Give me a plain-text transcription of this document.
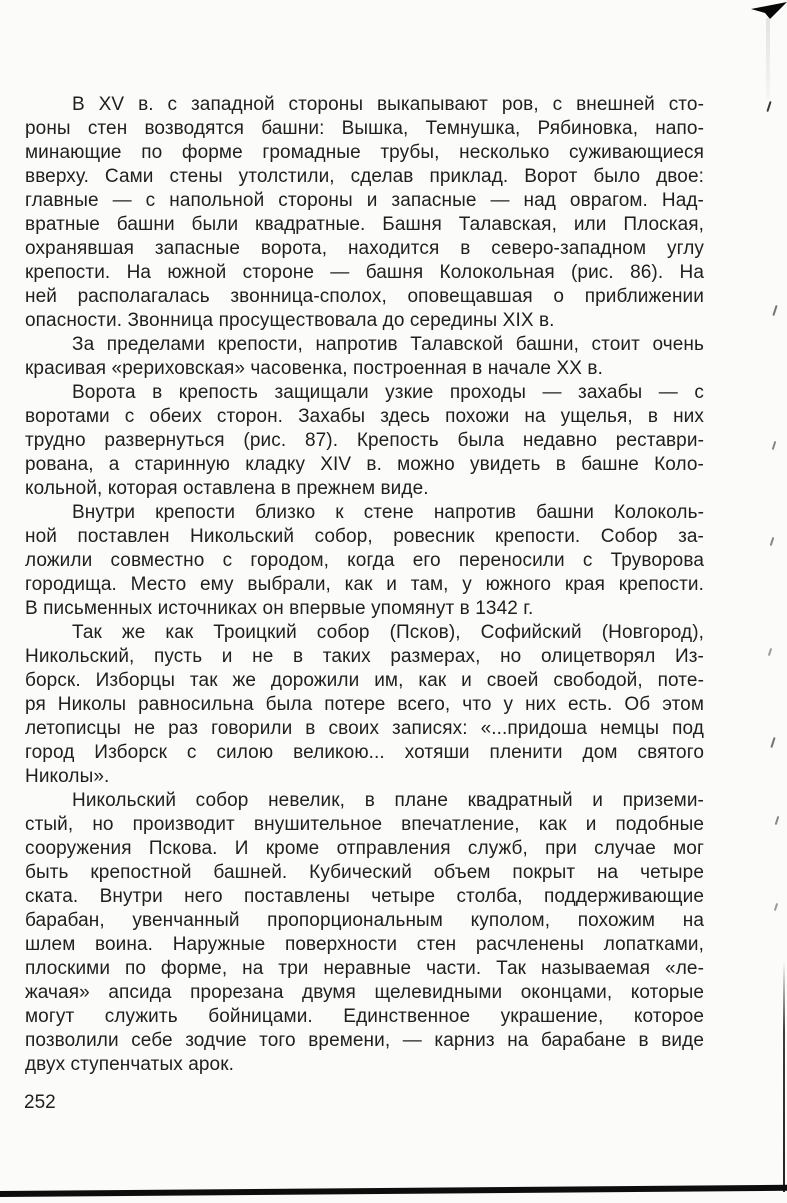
В XV в. с западной стороны выкапывают ров, с внешней сто-
роны стен возводятся башни: Вышка, Темнушка, Рябиновка, напо-
минающие по форме громадные трубы, несколько суживающиеся
вверху. Сами стены утолстили, сделав приклад. Ворот было двое:
главные — с напольной стороны и запасные — над оврагом. Над-
вратные башни были квадратные. Башня Талавская, или Плоская,
охранявшая запасные ворота, находится в северо-западном углу
крепости. На южной стороне — башня Колокольная (рис. 86). На
ней располагалась звонница-сполох, оповещавшая о приближении
опасности. Звонница просуществовала до середины XIX в.
За пределами крепости, напротив Талавской башни, стоит очень
красивая «рериховская» часовенка, построенная в начале XX в.
Ворота в крепость защищали узкие проходы — захабы — с
воротами с обеих сторон. Захабы здесь похожи на ущелья, в них
трудно развернуться (рис. 87). Крепость была недавно реставри-
рована, а старинную кладку XIV в. можно увидеть в башне Коло-
кольной, которая оставлена в прежнем виде.
Внутри крепости близко к стене напротив башни Колоколь-
ной поставлен Никольский собор, ровесник крепости. Собор за-
ложили совместно с городом, когда его переносили с Труворова
городища. Место ему выбрали, как и там, у южного края крепости.
В письменных источниках он впервые упомянут в 1342 г.
Так же как Троицкий собор (Псков), Софийский (Новгород),
Никольский, пусть и не в таких размерах, но олицетворял Из-
борск. Изборцы так же дорожили им, как и своей свободой, поте-
ря Николы равносильна была потере всего, что у них есть. Об этом
летописцы не раз говорили в своих записях: «...придоша немцы под
город Изборск с силою великою... хотяши пленити дом святого
Николы».
Никольский собор невелик, в плане квадратный и приземи-
стый, но производит внушительное впечатление, как и подобные
сооружения Пскова. И кроме отправления служб, при случае мог
быть крепостной башней. Кубический объем покрыт на четыре
ската. Внутри него поставлены четыре столба, поддерживающие
барабан, увенчанный пропорциональным куполом, похожим на
шлем воина. Наружные поверхности стен расчленены лопатками,
плоскими по форме, на три неравные части. Так называемая «ле-
жачая» апсида прорезана двумя щелевидными оконцами, которые
могут служить бойницами. Единственное украшение, которое
позволили себе зодчие того времени, — карниз на барабане в виде
двух ступенчатых арок.
252
